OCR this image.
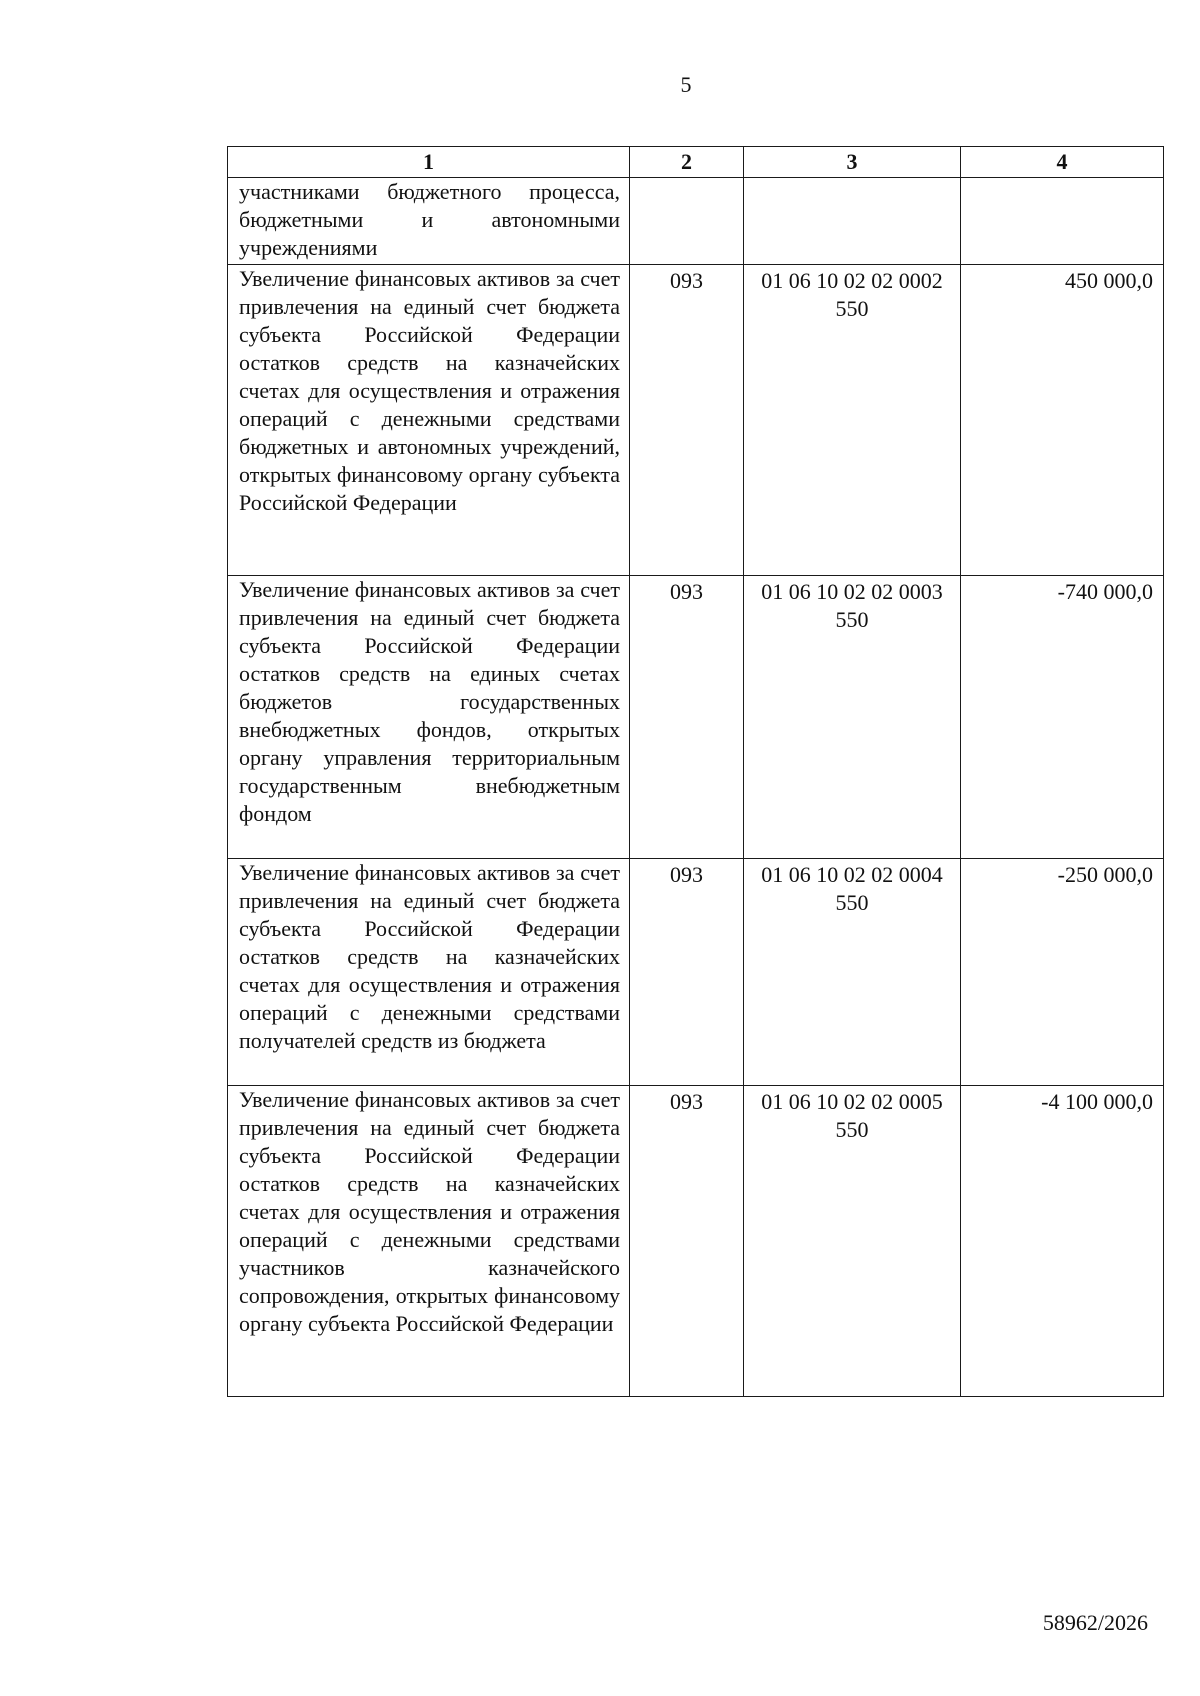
5
1	2	3	4
участниками бюджетного процесса, бюджетными и автономными учреждениями			
Увеличение финансовых активов за счет привлечения на единый счет бюджета субъекта Российской Федерации остатков средств на казначейских счетах для осуществления и отражения операций с денежными средствами бюджетных и автономных учреждений, открытых финансовому органу субъекта Российской Федерации	093	01 06 10 02 02 0002 550	450 000,0
Увеличение финансовых активов за счет привлечения на единый счет бюджета субъекта Российской Федерации остатков средств на единых счетах бюджетов государственных внебюджетных фондов, открытых органу управления территориальным государственным внебюджетным фондом	093	01 06 10 02 02 0003 550	-740 000,0
Увеличение финансовых активов за счет привлечения на единый счет бюджета субъекта Российской Федерации остатков средств на казначейских счетах для осуществления и отражения операций с денежными средствами получателей средств из бюджета	093	01 06 10 02 02 0004 550	-250 000,0
Увеличение финансовых активов за счет привлечения на единый счет бюджета субъекта Российской Федерации остатков средств на казначейских счетах для осуществления и отражения операций с денежными средствами участников казначейского сопровождения, открытых финансовому органу субъекта Российской Федерации	093	01 06 10 02 02 0005 550	-4 100 000,0
58962/2026
